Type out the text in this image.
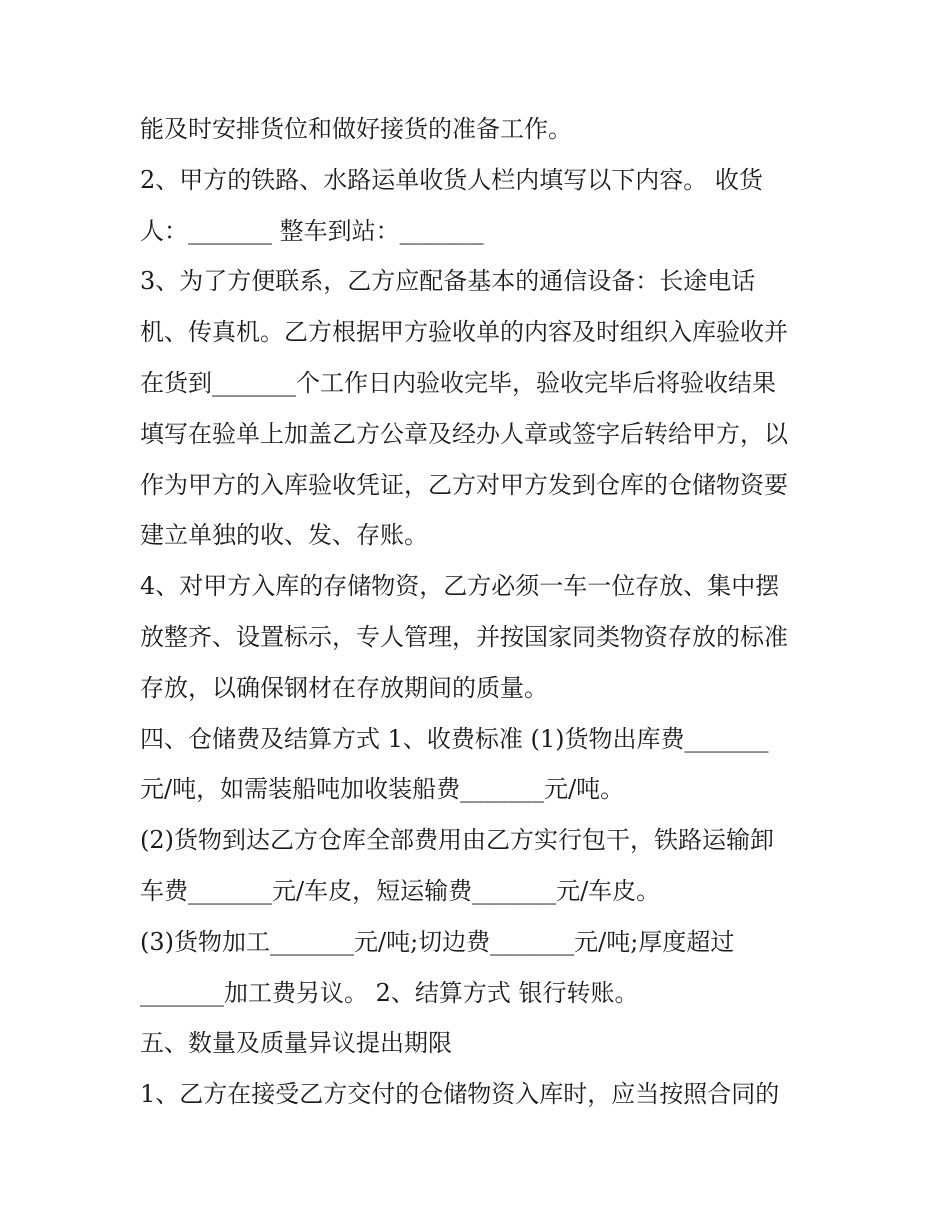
能及时安排货位和做好接货的准备工作。
2、甲方的铁路、水路运单收货人栏内填写以下内容。 收货
人：_______ 整车到站：_______
3、为了方便联系，乙方应配备基本的通信设备：长途电话
机、传真机。乙方根据甲方验收单的内容及时组织入库验收并
在货到_______个工作日内验收完毕，验收完毕后将验收结果
填写在验单上加盖乙方公章及经办人章或签字后转给甲方，以
作为甲方的入库验收凭证，乙方对甲方发到仓库的仓储物资要
建立单独的收、发、存账。
4、对甲方入库的存储物资，乙方必须一车一位存放、集中摆
放整齐、设置标示，专人管理，并按国家同类物资存放的标准
存放，以确保钢材在存放期间的质量。
四、仓储费及结算方式 1、收费标准 (1)货物出库费_______
元/吨，如需装船吨加收装船费_______元/吨。
(2)货物到达乙方仓库全部费用由乙方实行包干，铁路运输卸
车费_______元/车皮，短运输费_______元/车皮。
(3)货物加工_______元/吨;切边费_______元/吨;厚度超过
_______加工费另议。 2、结算方式 银行转账。
五、数量及质量异议提出期限
1、乙方在接受乙方交付的仓储物资入库时，应当按照合同的
